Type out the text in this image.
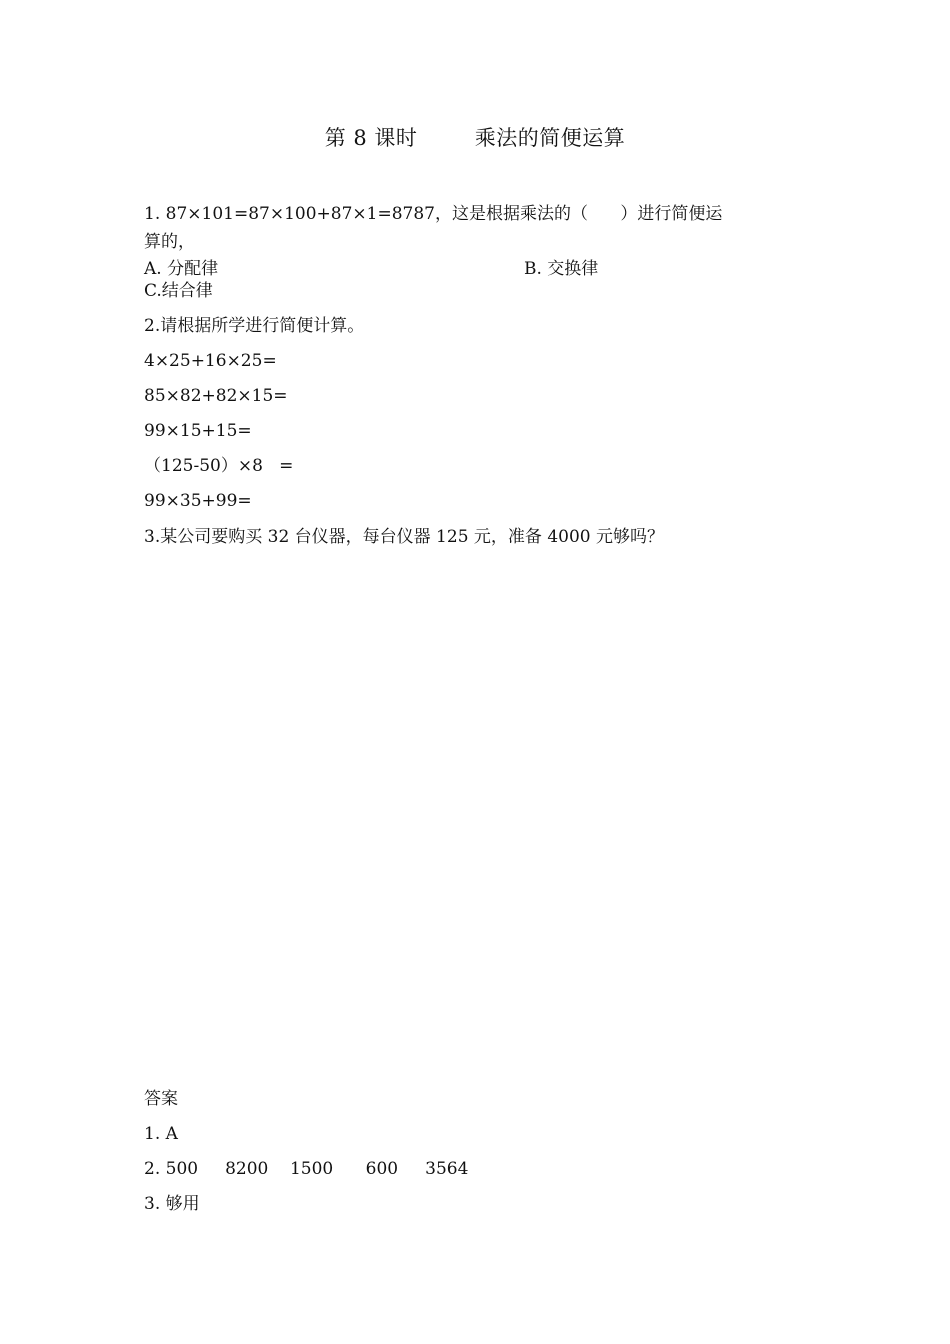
第 8 课时        乘法的简便运算
1. 87×101=87×100+87×1=8787，这是根据乘法的（      ）进行简便运
算的，
A. 分配律	B. 交换律
C.结合律
2.请根据所学进行简便计算。
4×25+16×25=
85×82+82×15=
99×15+15=
（125-50）×8   =
99×35+99=
3.某公司要购买 32 台仪器，每台仪器 125 元，准备 4000 元够吗？
答案
1. A
2. 500     8200    1500      600     3564
3. 够用
